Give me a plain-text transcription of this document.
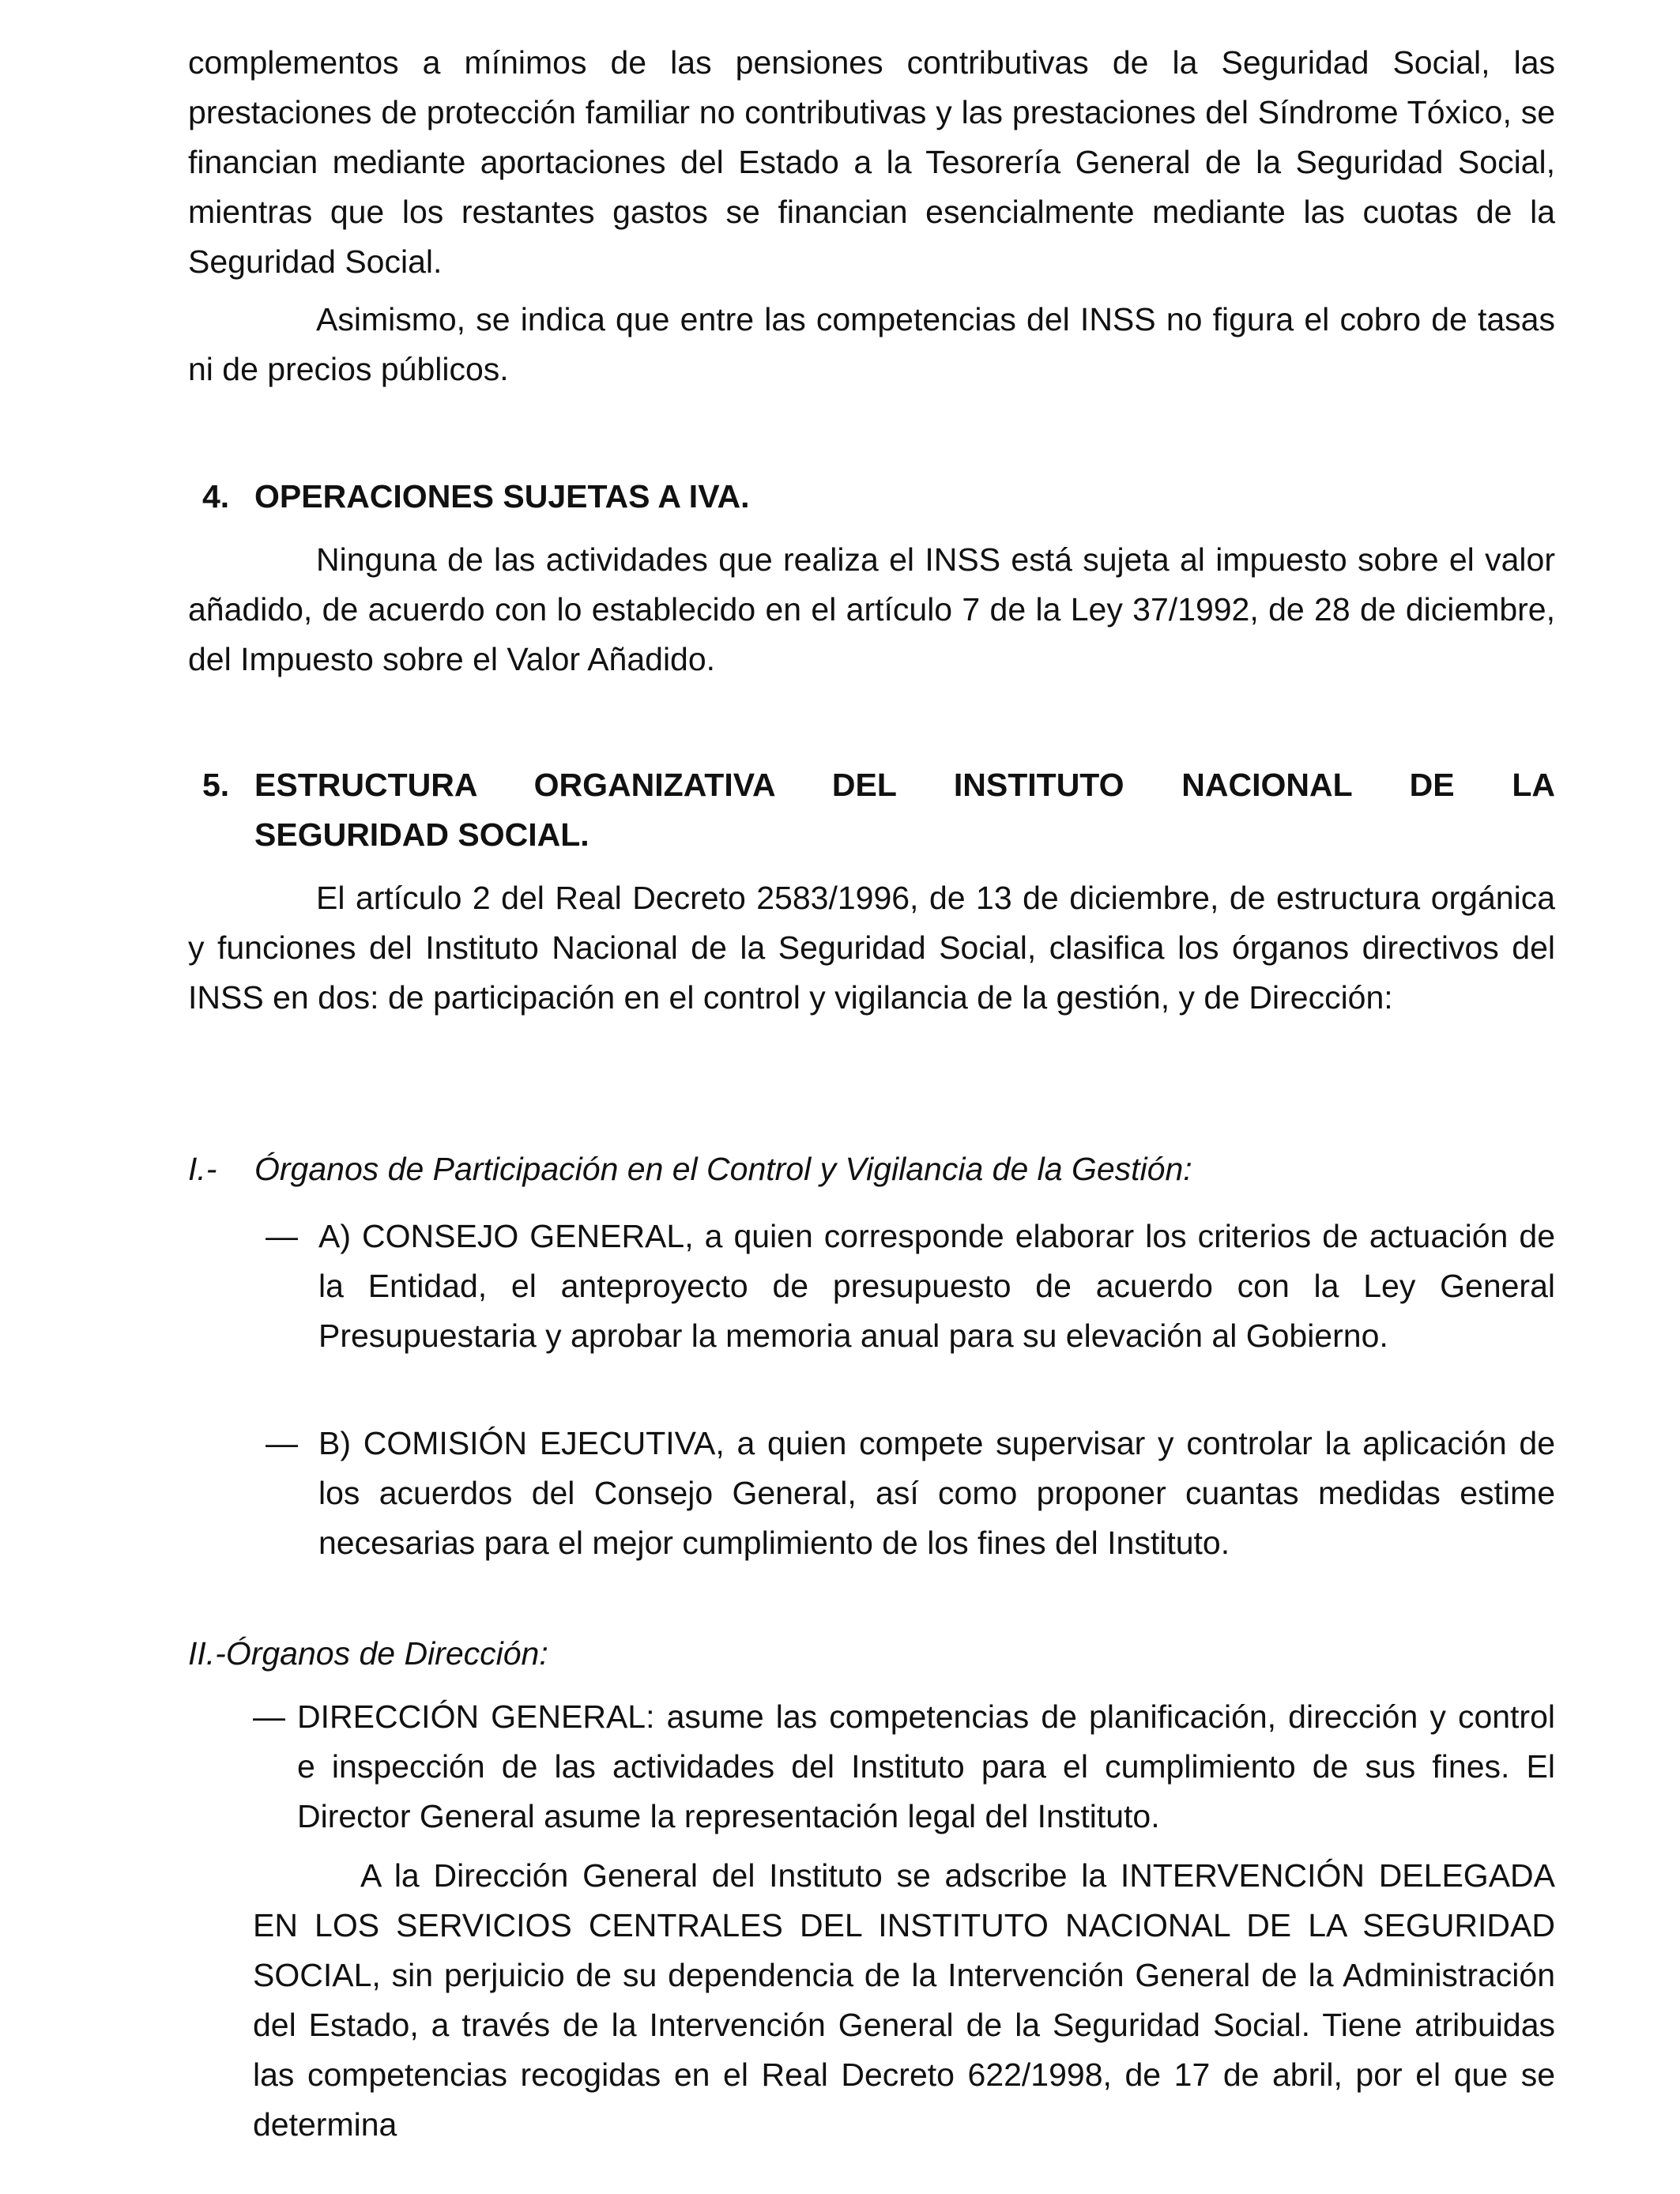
complementos a mínimos de las pensiones contributivas de la Seguridad Social, las prestaciones de protección familiar no contributivas y las prestaciones del Síndrome Tóxico, se financian mediante aportaciones del Estado a la Tesorería General de la Seguridad Social, mientras que los restantes gastos se financian esencialmente mediante las cuotas de la Seguridad Social.

Asimismo, se indica que entre las competencias del INSS no figura el cobro de tasas ni de precios públicos.

4. OPERACIONES SUJETAS A IVA.

Ninguna de las actividades que realiza el INSS está sujeta al impuesto sobre el valor añadido, de acuerdo con lo establecido en el artículo 7 de la Ley 37/1992, de 28 de diciembre, del Impuesto sobre el Valor Añadido.

5. ESTRUCTURA ORGANIZATIVA DEL INSTITUTO NACIONAL DE LA
SEGURIDAD SOCIAL.

El artículo 2 del Real Decreto 2583/1996, de 13 de diciembre, de estructura orgánica y funciones del Instituto Nacional de la Seguridad Social, clasifica los órganos directivos del INSS en dos: de participación en el control y vigilancia de la gestión, y de Dirección:

I.- Órganos de Participación en el Control y Vigilancia de la Gestión:
— A) CONSEJO GENERAL, a quien corresponde elaborar los criterios de actuación de la Entidad, el anteproyecto de presupuesto de acuerdo con la Ley General Presupuestaria y aprobar la memoria anual para su elevación al Gobierno.

— B) COMISIÓN EJECUTIVA, a quien compete supervisar y controlar la aplicación de los acuerdos del Consejo General, así como proponer cuantas medidas estime necesarias para el mejor cumplimiento de los fines del Instituto.

II.-Órganos de Dirección:
— DIRECCIÓN GENERAL: asume las competencias de planificación, dirección y control e inspección de las actividades del Instituto para el cumplimiento de sus fines. El Director General asume la representación legal del Instituto.

A la Dirección General del Instituto se adscribe la INTERVENCIÓN DELEGADA EN LOS SERVICIOS CENTRALES DEL INSTITUTO NACIONAL DE LA SEGURIDAD SOCIAL, sin perjuicio de su dependencia de la Intervención General de la Administración del Estado, a través de la Intervención General de la Seguridad Social. Tiene atribuidas las competencias recogidas en el Real Decreto 622/1998, de 17 de abril, por el que se determina
